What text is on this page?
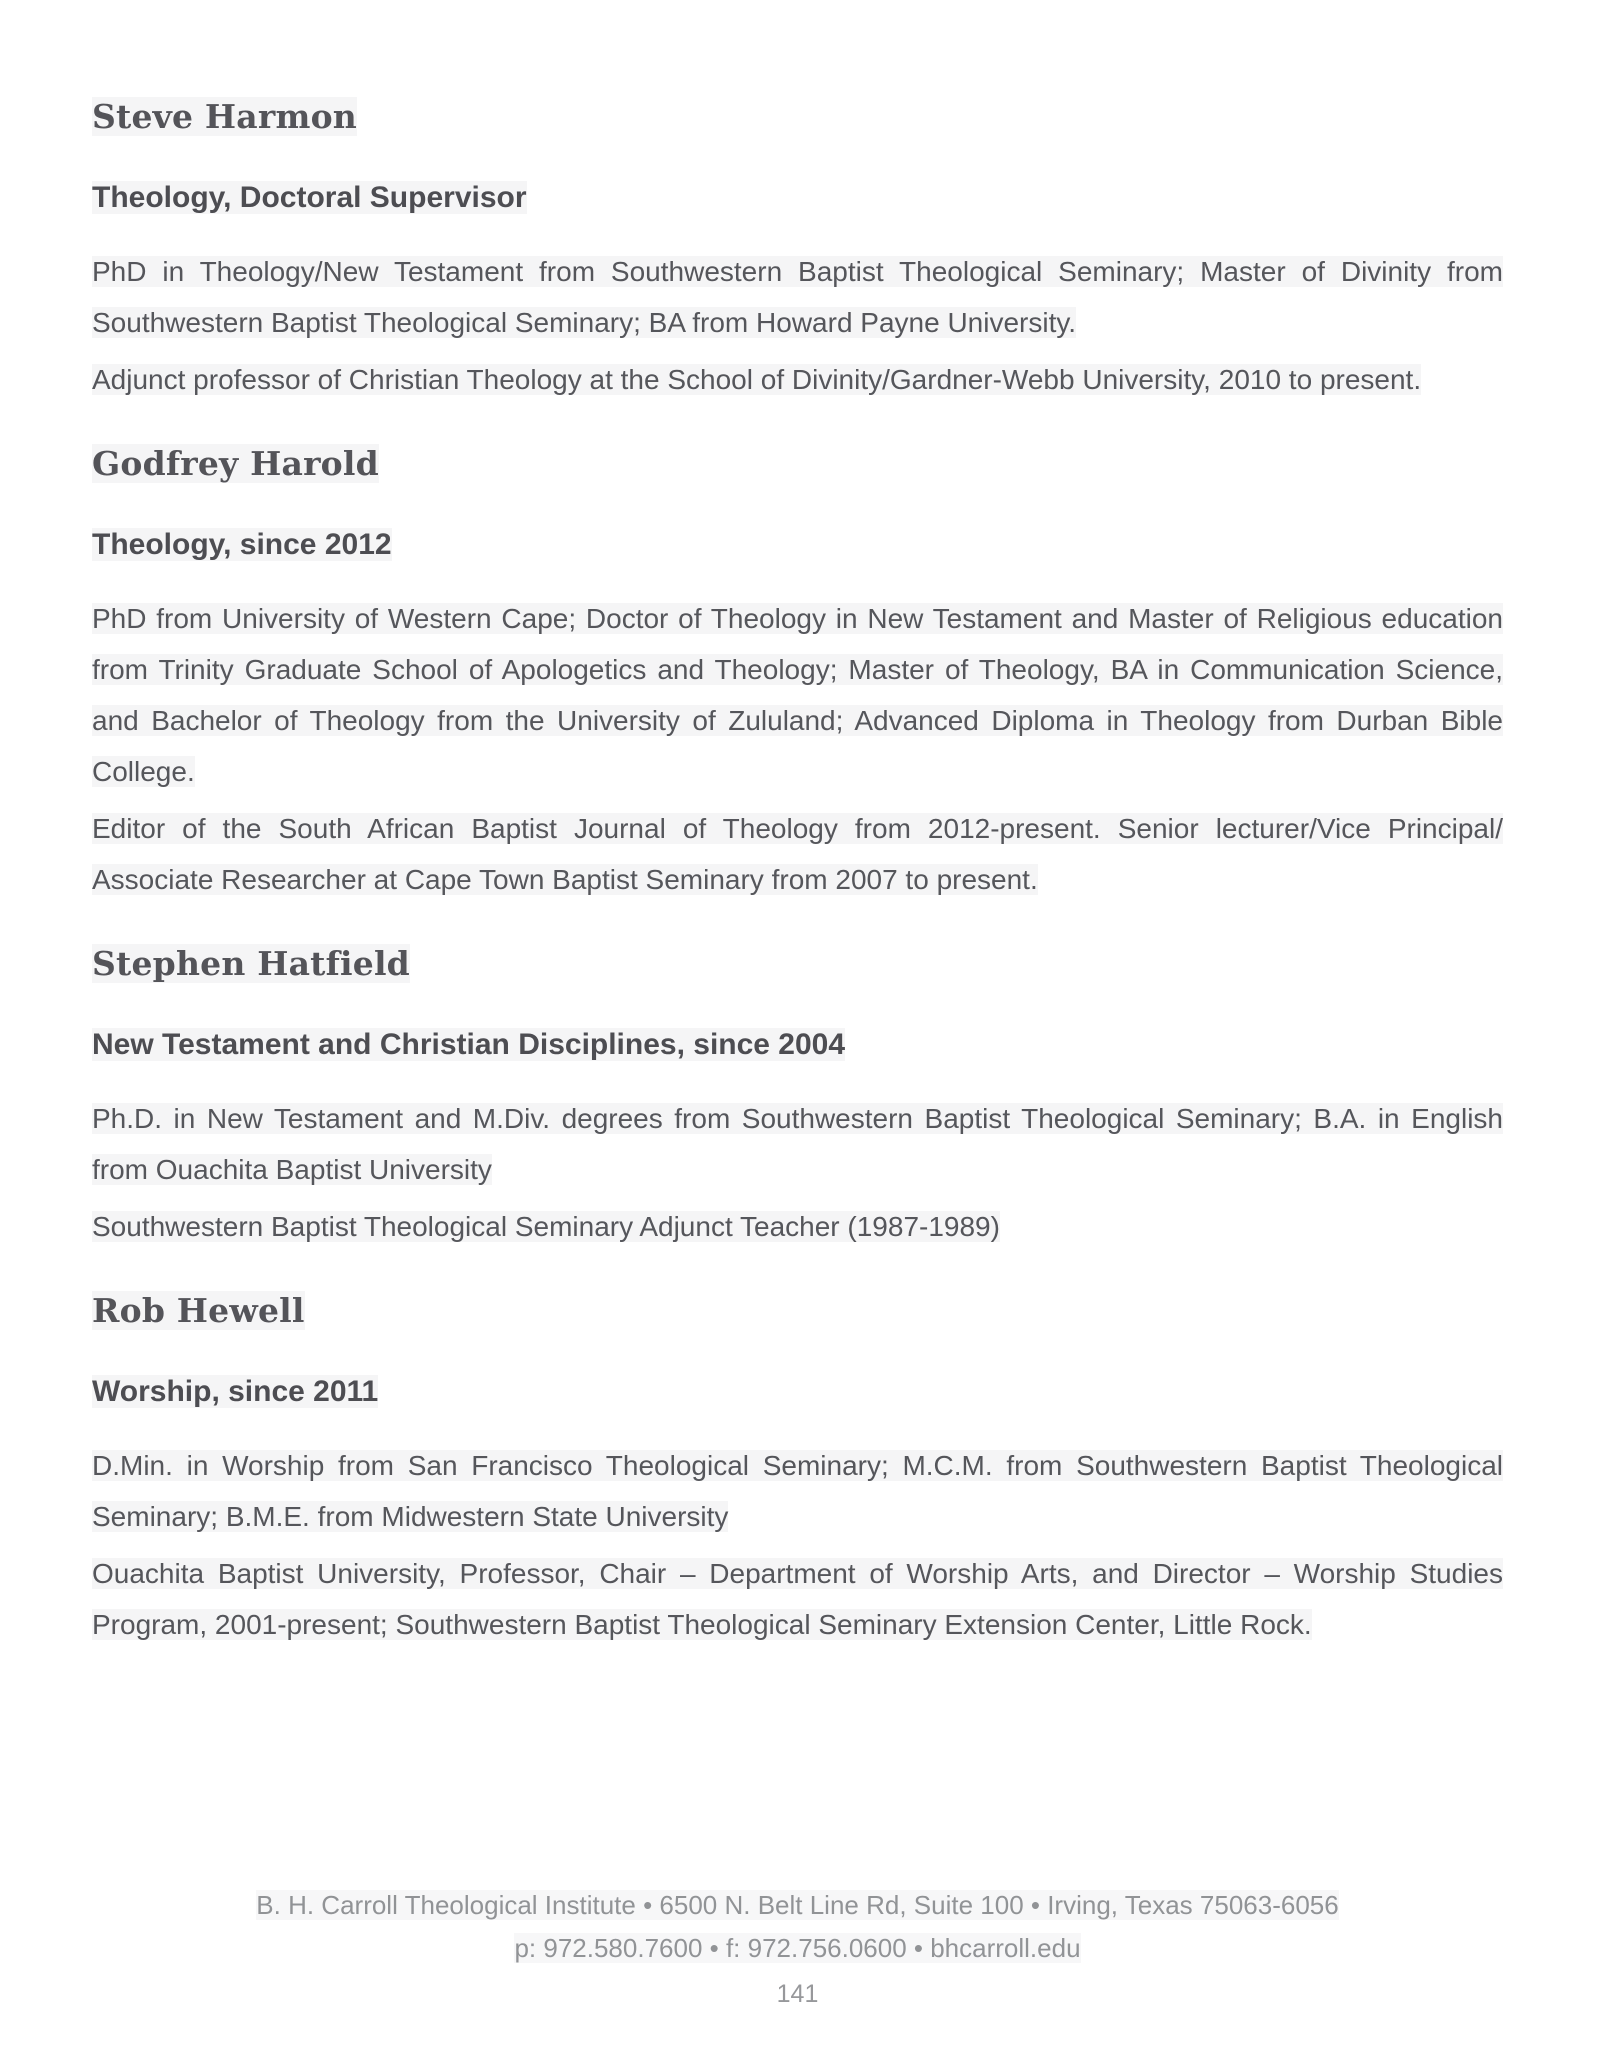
Steve Harmon
Theology, Doctoral Supervisor

PhD in Theology/New Testament from Southwestern Baptist Theological Seminary; Master of Divinity from Southwestern Baptist Theological Seminary; BA from Howard Payne University.

Adjunct professor of Christian Theology at the School of Divinity/Gardner-Webb University, 2010 to present.

Godfrey Harold
Theology, since 2012

PhD from University of Western Cape; Doctor of Theology in New Testament and Master of Religious education from Trinity Graduate School of Apologetics and Theology; Master of Theology, BA in Communication Science, and Bachelor of Theology from the University of Zululand; Advanced Diploma in Theology from Durban Bible College.

Editor of the South African Baptist Journal of Theology from 2012-present. Senior lecturer/Vice Principal/ Associate Researcher at Cape Town Baptist Seminary from 2007 to present.

Stephen Hatfield
New Testament and Christian Disciplines, since 2004

Ph.D. in New Testament and M.Div. degrees from Southwestern Baptist Theological Seminary; B.A. in English from Ouachita Baptist University

Southwestern Baptist Theological Seminary Adjunct Teacher (1987-1989)

Rob Hewell
Worship, since 2011

D.Min. in Worship from San Francisco Theological Seminary; M.C.M. from Southwestern Baptist Theological Seminary; B.M.E. from Midwestern State University

Ouachita Baptist University, Professor, Chair – Department of Worship Arts, and Director – Worship Studies Program, 2001-present; Southwestern Baptist Theological Seminary Extension Center, Little Rock.

B. H. Carroll Theological Institute • 6500 N. Belt Line Rd, Suite 100 • Irving, Texas 75063-6056
p: 972.580.7600 • f: 972.756.0600 • bhcarroll.edu
141
